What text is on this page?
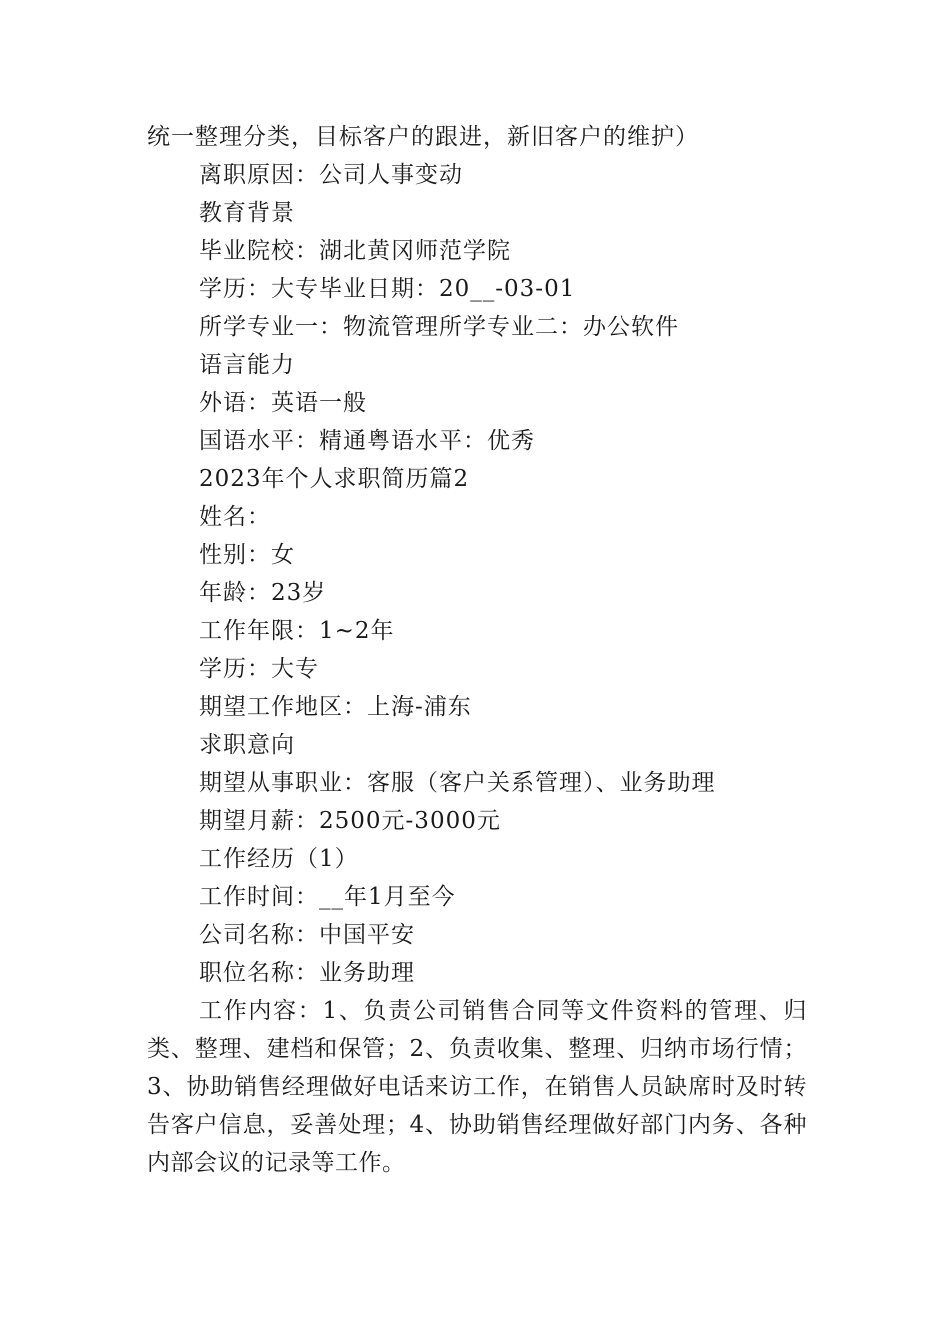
统一整理分类，目标客户的跟进，新旧客户的维护）
离职原因：公司人事变动
教育背景
毕业院校：湖北黄冈师范学院
学历：大专毕业日期：20__-03-01
所学专业一：物流管理所学专业二：办公软件
语言能力
外语：英语一般
国语水平：精通粤语水平：优秀
2023年个人求职简历篇2
姓名：
性别：女
年龄：23岁
工作年限：1~2年
学历：大专
期望工作地区：上海-浦东
求职意向
期望从事职业：客服（客户关系管理）、业务助理
期望月薪：2500元-3000元
工作经历（1）
工作时间：__年1月至今
公司名称：中国平安
职位名称：业务助理

工作内容：1、负责公司销售合同等文件资料的管理、归类、整理、建档和保管；2、负责收集、整理、归纳市场行情；3、协助销售经理做好电话来访工作，在销售人员缺席时及时转告客户信息，妥善处理；4、协助销售经理做好部门内务、各种内部会议的记录等工作。
